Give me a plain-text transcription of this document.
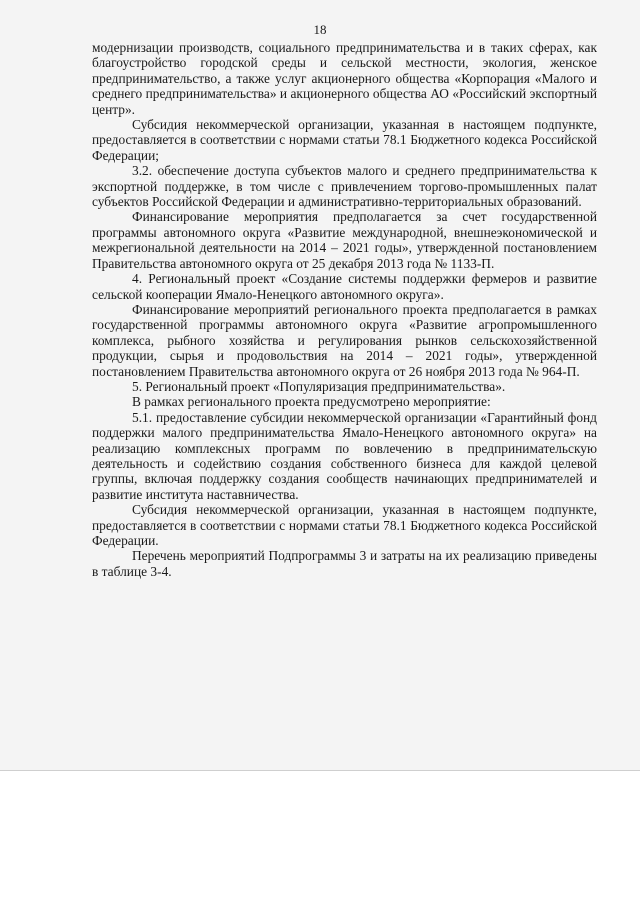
18

модернизации производств, социального предпринимательства и в таких сферах, как благоустройство городской среды и сельской местности, экология, женское предпринимательство, а также услуг акционерного общества «Корпорация «Малого и среднего предпринимательства» и акционерного общества АО «Российский экспортный центр».

Субсидия некоммерческой организации, указанная в настоящем подпункте, предоставляется в соответствии с нормами статьи 78.1 Бюджетного кодекса Российской Федерации;

3.2. обеспечение доступа субъектов малого и среднего предпринимательства к экспортной поддержке, в том числе с привлечением торгово-промышленных палат субъектов Российской Федерации и административно-территориальных образований.

Финансирование мероприятия предполагается за счет государственной программы автономного округа «Развитие международной, внешнеэкономической и межрегиональной деятельности на 2014 – 2021 годы», утвержденной постановлением Правительства автономного округа от 25 декабря 2013 года № 1133-П.

4. Региональный проект «Создание системы поддержки фермеров и развитие сельской кооперации Ямало-Ненецкого автономного округа».

Финансирование мероприятий регионального проекта предполагается в рамках государственной программы автономного округа «Развитие агропромышленного комплекса, рыбного хозяйства и регулирования рынков сельскохозяйственной продукции, сырья и продовольствия на 2014 – 2021 годы», утвержденной постановлением Правительства автономного округа от 26 ноября 2013 года № 964-П.

5. Региональный проект «Популяризация предпринимательства».

В рамках регионального проекта предусмотрено мероприятие:

5.1. предоставление субсидии некоммерческой организации «Гарантийный фонд поддержки малого предпринимательства Ямало-Ненецкого автономного округа» на реализацию комплексных программ по вовлечению в предпринимательскую деятельность и содействию создания собственного бизнеса для каждой целевой группы, включая поддержку создания сообществ начинающих предпринимателей и развитие института наставничества.

Субсидия некоммерческой организации, указанная в настоящем подпункте, предоставляется в соответствии с нормами статьи 78.1 Бюджетного кодекса Российской Федерации.

Перечень мероприятий Подпрограммы 3 и затраты на их реализацию приведены в таблице 3-4.
